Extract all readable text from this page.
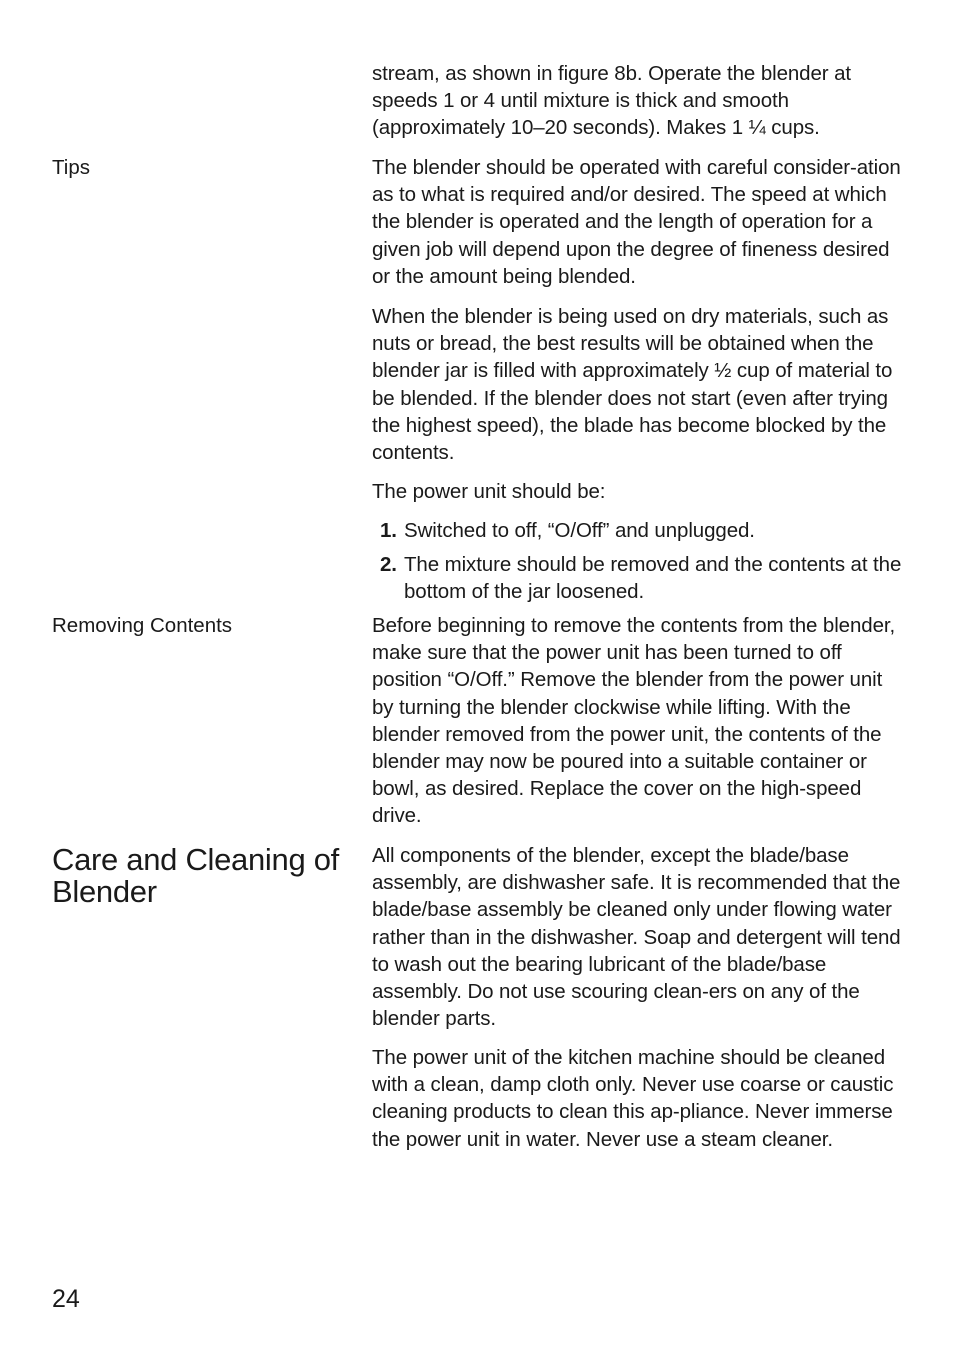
stream, as shown in figure 8b. Operate the blender at speeds 1 or 4 until mixture is thick and smooth (approximately 10–20 seconds). Makes 1 ¼ cups.

Tips	The blender should be operated with careful consider-ation as to what is required and/or desired. The speed at which the blender is operated and the length of operation for a given job will depend upon the degree of fineness desired or the amount being blended.

When the blender is being used on dry materials, such as nuts or bread, the best results will be obtained when the blender jar is filled with approximately ½ cup of material to be blended. If the blender does not start (even after trying the highest speed), the blade has become blocked by the contents.

The power unit should be:

1. Switched to off, “O/Off” and unplugged.
2. The mixture should be removed and the contents at the bottom of the jar loosened.

Removing Contents	Before beginning to remove the contents from the blender, make sure that the power unit has been turned to off position “O/Off.” Remove the blender from the power unit by turning the blender clockwise while lifting. With the blender removed from the power unit, the contents of the blender may now be poured into a suitable container or bowl, as desired. Replace the cover on the high-speed drive.

Care and Cleaning of Blender

All components of the blender, except the blade/base assembly, are dishwasher safe. It is recommended that the blade/base assembly be cleaned only under flowing water rather than in the dishwasher. Soap and detergent will tend to wash out the bearing lubricant of the blade/base assembly. Do not use scouring clean-ers on any of the blender parts.

The power unit of the kitchen machine should be cleaned with a clean, damp cloth only. Never use coarse or caustic cleaning products to clean this ap-pliance. Never immerse the power unit in water. Never use a steam cleaner.

24
